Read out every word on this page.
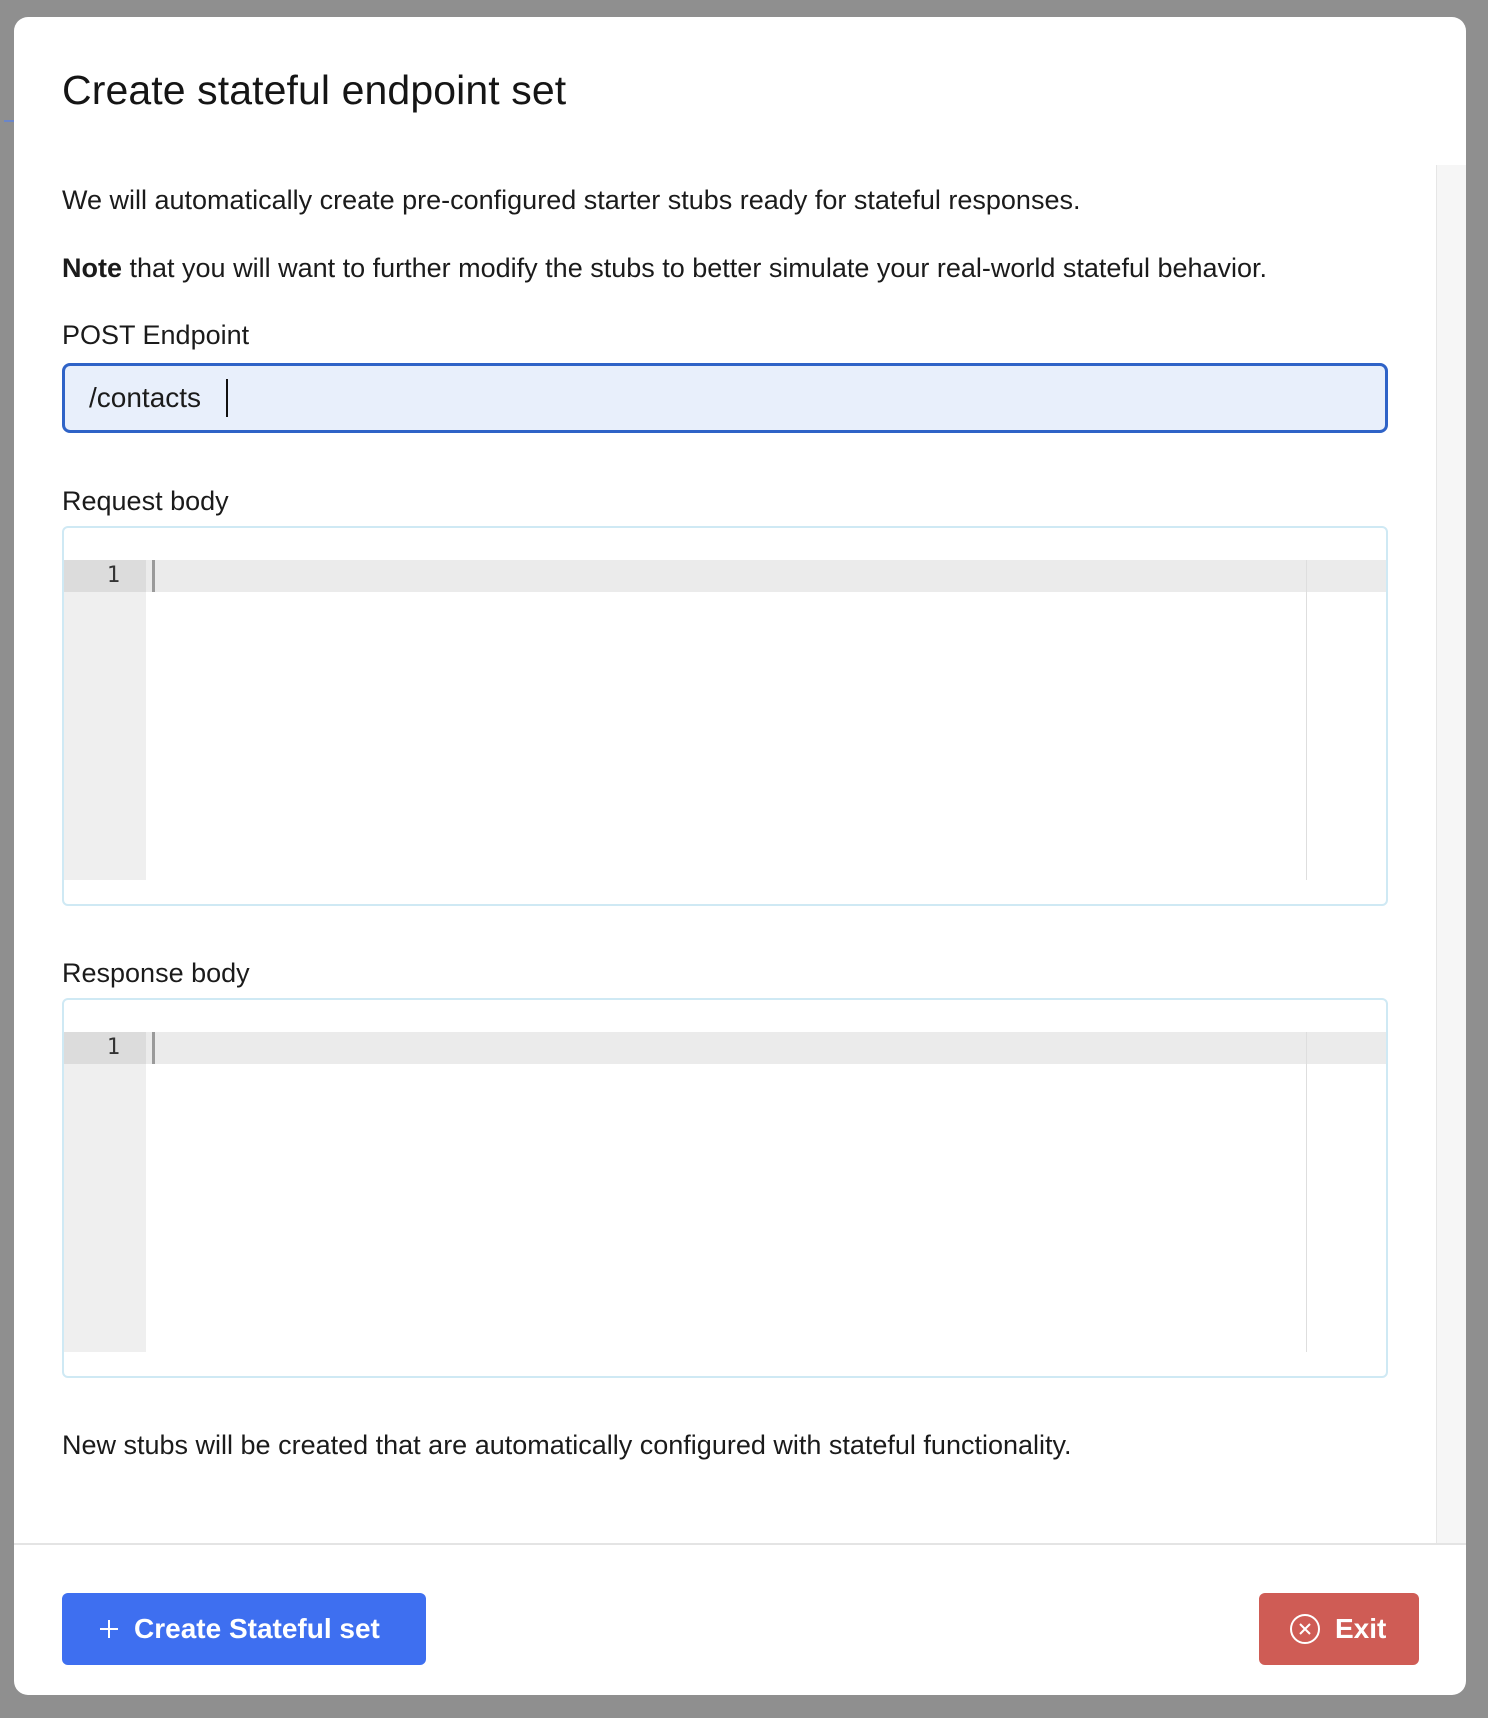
Create stateful endpoint set

We will automatically create pre-configured starter stubs ready for stateful responses.

Note that you will want to further modify the stubs to better simulate your real-world stateful behavior.

POST Endpoint
/contacts
Request body
1
Response body
1

New stubs will be created that are automatically configured with stateful functionality.

Create Stateful set	Exit
